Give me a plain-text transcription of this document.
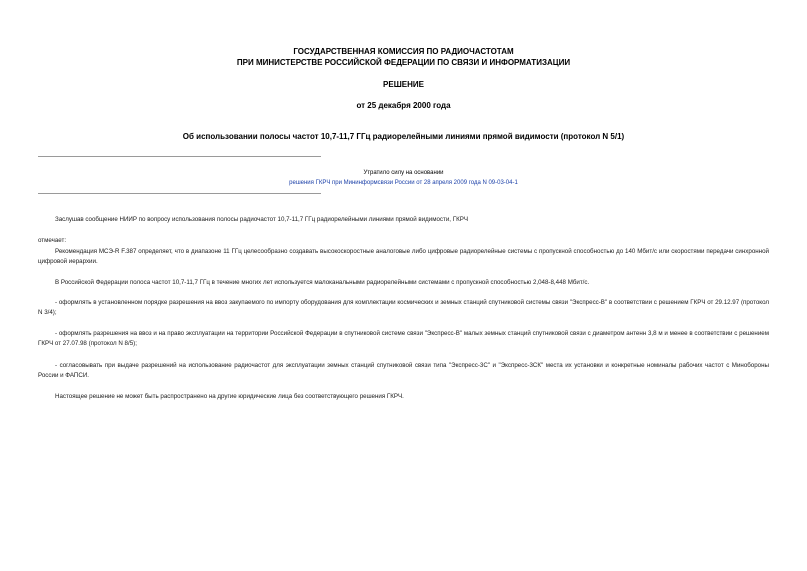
ГОСУДАРСТВЕННАЯ КОМИССИЯ ПО РАДИОЧАСТОТАМ
ПРИ МИНИСТЕРСТВЕ РОССИЙСКОЙ ФЕДЕРАЦИИ ПО СВЯЗИ И ИНФОРМАТИЗАЦИИ
РЕШЕНИЕ
от 25 декабря 2000 года
Об использовании полосы частот 10,7-11,7 ГГц радиорелейными линиями прямой видимости (протокол N 5/1)
Утратило силу на основании
решения ГКРЧ при Мининформсвязи России от 28 апреля 2009 года N 09-03-04-1

Заслушав сообщение НИИР по вопросу использования полосы радиочастот 10,7-11,7 ГГц радиорелейными линиями прямой видимости, ГКРЧ

отмечает:

Рекомендация МСЭ-R F.387 определяет, что в диапазоне 11 ГГц целесообразно создавать высокоскоростные аналоговые либо цифровые радиорелейные системы с пропускной способностью до 140 Мбит/с или скоростями передачи синхронной цифровой иерархии.

В Российской Федерации полоса частот 10,7-11,7 ГГц в течение многих лет используется малоканальными радиорелейными системами с пропускной способностью 2,048-8,448 Мбит/с.

- оформлять в установленном порядке разрешения на ввоз закупаемого по импорту оборудования для комплектации космических и земных станций спутниковой системы связи "Экспресс-В" в соответствии с решением ГКРЧ от 29.12.97 (протокол N 3/4);

- оформлять разрешения на ввоз и на право эксплуатации на территории Российской Федерации в спутниковой системе связи "Экспресс-В" малых земных станций спутниковой связи с диаметром антенн 3,8 м и менее в соответствии с решением ГКРЧ от 27.07.98 (протокол N 8/5);

- согласовывать при выдаче разрешений на использование радиочастот для эксплуатации земных станций спутниковой связи типа "Экспресс-3С" и "Экспресс-3СК" места их установки и конкретные номиналы рабочих частот с Минобороны России и ФАПСИ.

Настоящее решение не может быть распространено на другие юридические лица без соответствующего решения ГКРЧ.
